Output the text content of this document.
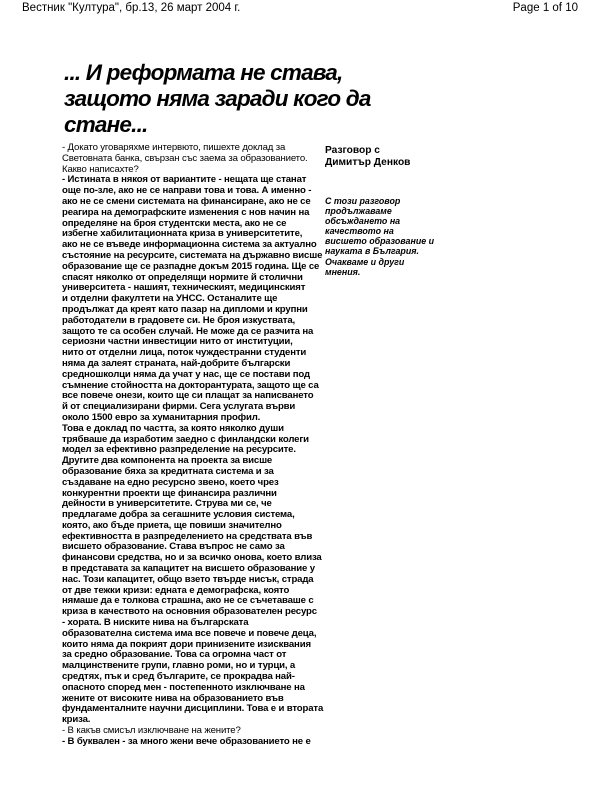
Вестник "Култура", бр.13, 26 март 2004 г.	Page 1 of 10
... И реформата не става,
защото няма заради кого да
стане...
- Докато уговаряхме интервюто, пишехте доклад за
Световната банка, свързан със заема за образованието.
Какво написахте?
- Истината в някоя от вариантите - нещата ще станат
още по-зле, ако не се направи това и това. А именно -
ако не се смени системата на финансиране, ако не се
реагира на демографските изменения с нов начин на
определяне на броя студентски места, ако не се
избегне хабилитационната криза в университетите,
ако не се въведе информационна система за актуално
състояние на ресурсите, системата на държавно висше
образование ще се разпадне докъм 2015 година. Ще се
спасят няколко от определящи нормите й столични
университета - нашият, техническият, медицинският
и отделни факултети на УНСС. Останалите ще
продължат да креят като пазар на дипломи и крупни
работодатели в градовете си. Не броя изкуствата,
защото те са особен случай. Не може да се разчита на
сериозни частни инвестиции нито от институции,
нито от отделни лица, поток чуждестранни студенти
няма да залеят страната, най-добрите български
средношколци няма да учат у нас, ще се постави под
съмнение стойността на докторантурата, защото ще са
все повече онези, които ще си плащат за написването
й от специализирани фирми. Сега услугата върви
около 1500 евро за хуманитарния профил.
Това е доклад по частта, за която няколко души
трябваше да изработим заедно с финландски колеги
модел за ефективно разпределение на ресурсите.
Другите два компонента на проекта за висше
образование бяха за кредитната система и за
създаване на едно ресурсно звено, което чрез
конкурентни проекти ще финансира различни
дейности в университетите. Струва ми се, че
предлагаме добра за сегашните условия система,
която, ако бъде приета, ще повиши значително
ефективността в разпределението на средствата във
висшето образование. Става въпрос не само за
финансови средства, но и за всичко онова, което влиза
в представата за капацитет на висшето образование у
нас. Този капацитет, общо взето твърде нисък, страда
от две тежки кризи: едната е демографска, която
нямаше да е толкова страшна, ако не се съчетаваше с
криза в качеството на основния образователен ресурс
- хората. В ниските нива на българската
образователна система има все повече и повече деца,
които няма да покрият дори принизените изисквания
за средно образование. Това са огромна част от
малцинствените групи, главно роми, но и турци, а
средтях, пък и сред българите, се прокрадва най-
опасното според мен - постепенното изключване на
жените от високите нива на образованието във
фундаменталните научни дисциплини. Това е и втората
криза.
- В какъв смисъл изключване на жените?
- В буквален - за много жени вече образованието не е
Разговор с
Димитър Денков
С този разговор
продължаваме
обсъждането на
качеството на
висшето образование и
науката в България.
Очакваме и други
мнения.
